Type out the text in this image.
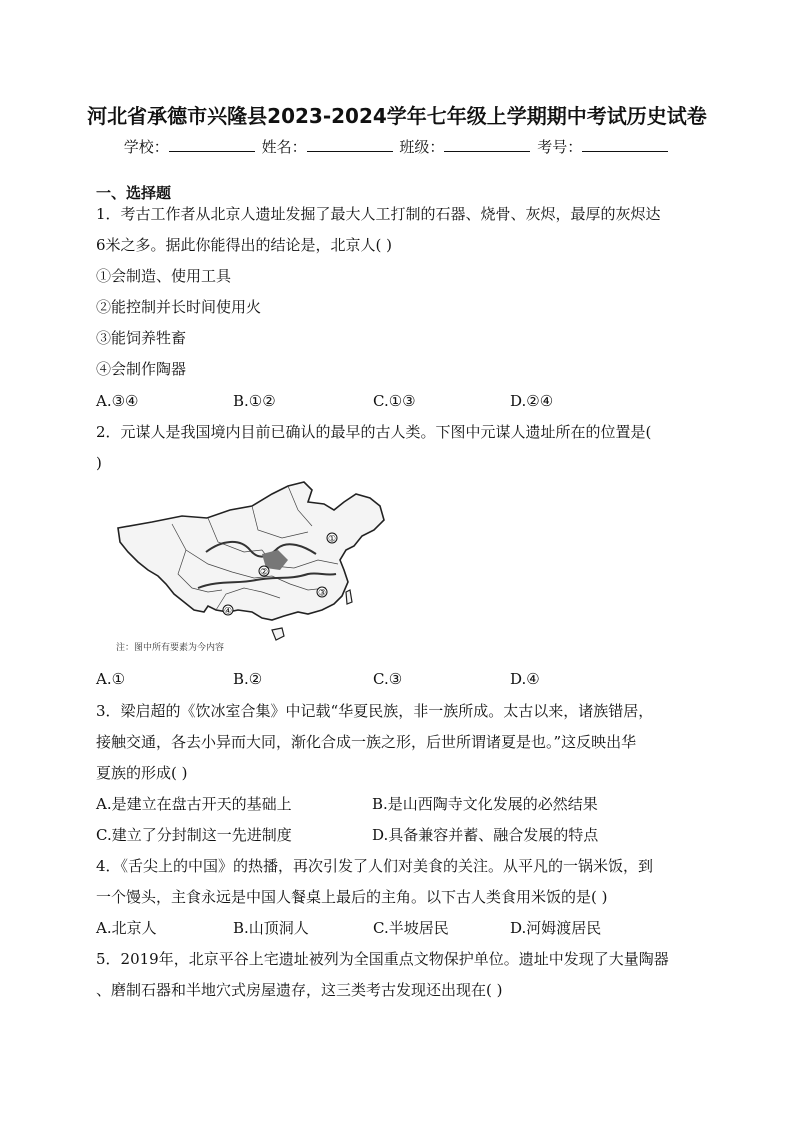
河北省承德市兴隆县2023-2024学年七年级上学期期中考试历史试卷
学校：	姓名：	班级：	考号：
一、选择题
1．考古工作者从北京人遗址发掘了最大人工打制的石器、烧骨、灰烬，最厚的灰烬达
6米之多。据此你能得出的结论是，北京人( )
①会制造、使用工具
②能控制并长时间使用火
③能饲养牲畜
④会制作陶器
A.③④	B.①②	C.①③	D.②④
2．元谋人是我国境内目前已确认的最早的古人类。下图中元谋人遗址所在的位置是(
)
①
②
③
④
注：图中所有要素为今内容
A.①	B.②	C.③	D.④
3．梁启超的《饮冰室合集》中记载“华夏民族，非一族所成。太古以来，诸族错居，
接触交通，各去小异而大同，渐化合成一族之形，后世所谓诸夏是也。”这反映出华
夏族的形成( )
A.是建立在盘古开天的基础上	B.是山西陶寺文化发展的必然结果
C.建立了分封制这一先进制度	D.具备兼容并蓄、融合发展的特点
4．《舌尖上的中国》的热播，再次引发了人们对美食的关注。从平凡的一锅米饭，到
一个馒头，主食永远是中国人餐桌上最后的主角。以下古人类食用米饭的是( )
A.北京人	B.山顶洞人	C.半坡居民	D.河姆渡居民
5．2019年，北京平谷上宅遗址被列为全国重点文物保护单位。遗址中发现了大量陶器
、磨制石器和半地穴式房屋遗存，这三类考古发现还出现在( )
